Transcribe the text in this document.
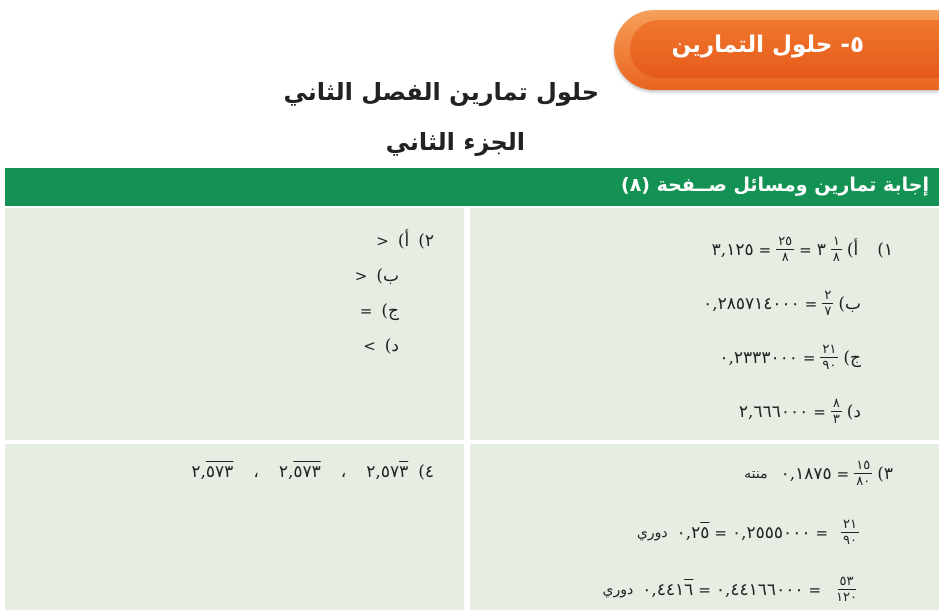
٥- حلول التمارين
حلول تمارين الفصل الثاني
الجزء الثاني
إجابة تمارين ومسائل صــفحة (٨)
١)
أ)
$\frac{١}{٨}$
٣
=
$\frac{٢٥}{٨}$
=
٣,١٢٥
ب)
$\frac{٢}{٧}$
=
٠,٢٨٥٧١٤٠٠٠
ج)
$\frac{٢١}{٩٠}$
=
٠,٢٣٣٣٠٠٠
د)
$\frac{٨}{٣}$
=
٢,٦٦٦٠٠٠
٢)
أ)
<
ب)
<
ج)
=
د)
>
٣)
$\frac{١٥}{٨٠}$
=
٠,١٨٧٥
منته
$\frac{٢١}{٩٠}$
=
٠,٢٥٥٥٠٠٠
=
٠,٢٥
دوري
$\frac{٥٣}{١٢٠}$
=
٠,٤٤١٦٦٠٠٠
=
٠,٤٤١٦
دوري
٤)
٢,٥٧٣
،
٢,٥٧٣
،
٢,٥٧٣
